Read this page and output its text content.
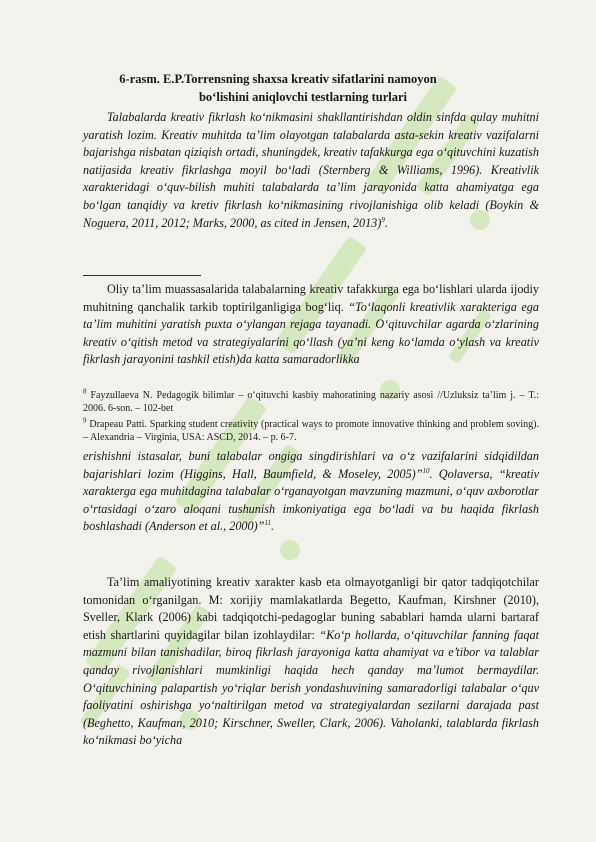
6-rasm. E.P.Torrensning shaxsa kreativ sifatlarini namoyon
bo‘lishini aniqlovchi testlarning turlari
Talabalarda kreativ fikrlash ko‘nikmasini shakllantirishdan oldin sinfda qulay muhitni yaratish lozim. Kreativ muhitda ta’lim olayotgan talabalarda asta-sekin kreativ vazifalarni bajarishga nisbatan qiziqish ortadi, shuningdek, kreativ tafakkurga ega o‘qituvchini kuzatish natijasida kreativ fikrlashga moyil bo‘ladi (Sternberg & Williams, 1996). Kreativlik xarakteridagi o‘quv-bilish muhiti talabalarda ta’lim jarayonida katta ahamiyatga ega bo‘lgan tanqidiy va kretiv fikrlash ko‘nikmasining rivojlanishiga olib keladi (Boykin & Noguera, 2011, 2012; Marks, 2000, as cited in Jensen, 2013)$^9$.
Oliy ta’lim muassasalarida talabalarning kreativ tafakkurga ega bo‘lishlari ularda ijodiy muhitning qanchalik tarkib toptirilganligiga bog‘liq. “To‘laqonli kreativlik xarakteriga ega ta’lim muhitini yaratish puxta o‘ylangan rejaga tayanadi. O‘qituvchilar agarda o‘zlarining kreativ o‘qitish metod va strategiyalarini qo‘llash (ya’ni keng ko‘lamda o‘ylash va kreativ fikrlash jarayonini tashkil etish)da katta samaradorlikka
$^8$ Fayzullaeva N. Pedagogik bilimlar – o‘qituvchi kasbiy mahoratining nazariy asosi //Uzluksiz ta’lim j. – T.: 2006. 6-son. – 102-bet
$^9$ Drapeau Patti. Sparking student creativity (practical ways to promote innovative thinking and problem soving). – Alexandria – Virginia, USA: ASCD, 2014. – p. 6-7.
erishishni istasalar, buni talabalar ongiga singdirishlari va o‘z vazifalarini sidqidildan bajarishlari lozim (Higgins, Hall, Baumfield, & Moseley, 2005)”$^{10}$. Qolaversa, “kreativ xarakterga ega muhitdagina talabalar o‘rganayotgan mavzuning mazmuni, o‘quv axborotlar o‘rtasidagi o‘zaro aloqani tushunish imkoniyatiga ega bo‘ladi va bu haqida fikrlash boshlashadi (Anderson et al., 2000)”$^{11}$.
Ta’lim amaliyotining kreativ xarakter kasb eta olmayotganligi bir qator tadqiqotchilar tomonidan o‘rganilgan. M: xorijiy mamlakatlarda Begetto, Kaufman, Kirshner (2010), Sveller, Klark (2006) kabi tadqiqotchi-pedagoglar buning sabablari hamda ularni bartaraf etish shartlarini quyidagilar bilan izohlaydilar: “Ko‘p hollarda, o‘qituvchilar fanning faqat mazmuni bilan tanishadilar, biroq fikrlash jarayoniga katta ahamiyat va e’tibor va talablar qanday rivojlanishlari mumkinligi haqida hech qanday ma’lumot bermaydilar. O‘qituvchining palapartish yo‘riqlar berish yondashuvining samaradorligi talabalar o‘quv faoliyatini oshirishga yo‘naltirilgan metod va strategiyalardan sezilarni darajada past (Beghetto, Kaufman, 2010; Kirschner, Sweller, Clark, 2006). Vaholanki, talablarda fikrlash ko‘nikmasi bo‘yicha
